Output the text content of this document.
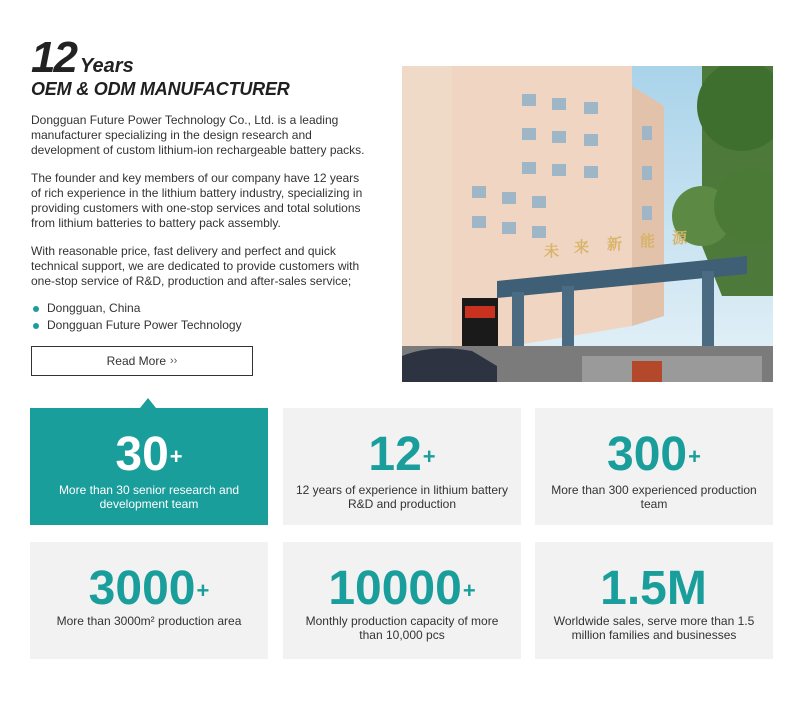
12 Years
OEM & ODM MANUFACTURER

Dongguan Future Power Technology Co., Ltd. is a leading manufacturer specializing in the design research and development of custom lithium-ion rechargeable battery packs.

The founder and key members of our company have 12 years of rich experience in the lithium battery industry, specializing in providing customers with one-stop services and total solutions from lithium batteries to battery pack assembly.

With reasonable price, fast delivery and perfect and quick technical support, we are dedicated to provide customers with one-stop service of R&D, production and after-sales service;

Dongguan, China
Dongguan Future Power Technology
Read More ››
未 来 新 能 源
30+
More than 30 senior research and development team
12+
12 years of experience in lithium battery R&D and production
300+
More than 300 experienced production team
3000+
More than 3000m² production area
10000+
Monthly production capacity of more than 10,000 pcs
1.5M
Worldwide sales, serve more than 1.5 million families and businesses
